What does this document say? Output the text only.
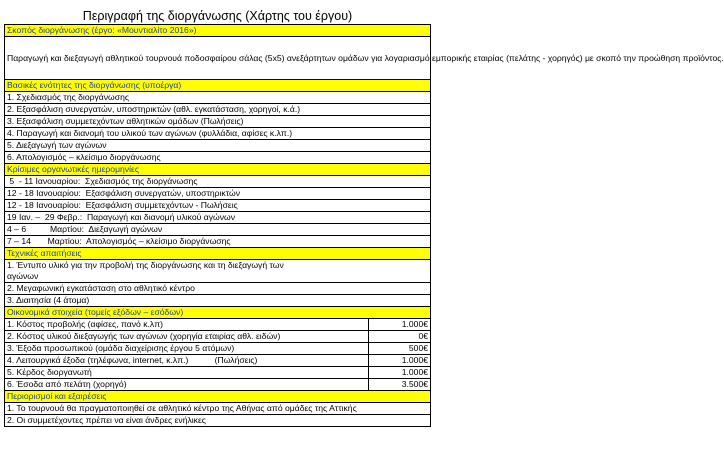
Περιγραφή της διοργάνωσης (Χάρτης του έργου)
Σκοπός διοργάνωσης (έργο: «Μουντιαλίτο 2016»)	
Παραγωγή και διεξαγωγή αθλητικού τουρνουά ποδοσφαίρου σάλας (5x5) ανεξάρτητων ομάδων για λογαριασμό εμπορικής εταιρίας (πελάτης - χορηγός) με σκοπό την προώθηση προϊόντος.	
Βασικές ενότητες της διοργάνωσης (υποέργα)	
1. Σχεδιασμός της διοργάνωσης	
2. Εξασφάλιση συνεργατών, υποστηρικτών (αθλ. εγκατάσταση, χορηγοί, κ.ά.)	
3. Εξασφάλιση συμμετεχόντων αθλητικών ομάδων (Πωλήσεις)	
4. Παραγωγή και διανομή του υλικού των αγώνων (φυλλάδια, αφίσες κ.λπ.)	
5. Διεξαγωγή των αγώνων	
6. Απολογισμός – κλείσιμο διοργάνωσης	
Κρίσιμες οργανωτικές ημερομηνίες	
5  - 11 Ιανουαρίου:  Σχεδιασμός της διοργάνωσης	
12 - 18 Ιανουαρίου:  Εξασφάλιση συνεργατών, υποστηρικτών	
12 - 18 Ιανουαρίου:  Εξασφάλιση συμμετεχόντων - Πωλήσεις	
19 Ιαν. –  29 Φεβρ.:  Παραγωγή και διανομή υλικού αγώνων	
4 – 6          Μαρτίου:  Διεξαγωγή αγώνων	
7 – 14       Μαρτίου:  Απολογισμός – κλείσιμο διοργάνωσης	
Τεχνικές απαιτήσεις	
1. Έντυπο υλικό για την προβολή της διοργάνωσης και τη διεξαγωγή των	
αγώνων	
2. Μεγαφωνική εγκατάσταση στο αθλητικό κέντρο	
3. Διαιτησία (4 άτομα)	
Οικονομικά στοιχεία (τομείς εξόδων – εσόδων)	
1. Κόστος προβολής (αφίσες, πανό κ.λπ)	1.000€
2. Κόστος υλικού διεξαγωγής των αγώνων (χορηγία εταιρίας αθλ. ειδών)	0€
3. Έξοδα προσωπικού (ομάδα διαχείρισης έργου 5 ατόμων)	500€
4. Λειτουργικά έξοδα (τηλέφωνα, internet, κ.λπ.)           (Πωλήσεις)	1.000€
5. Κέρδος διοργανωτή	1.000€
6. Έσοδα από πελάτη (χορηγό)	3.500€
Περιορισμοί και εξαιρέσεις	
1. Το τουρνουά θα πραγματοποιηθεί σε αθλητικό κέντρο της Αθήνας από ομάδες της Αττικής	
2. Οι συμμετέχοντες πρέπει να είναι άνδρες ενήλικες	
